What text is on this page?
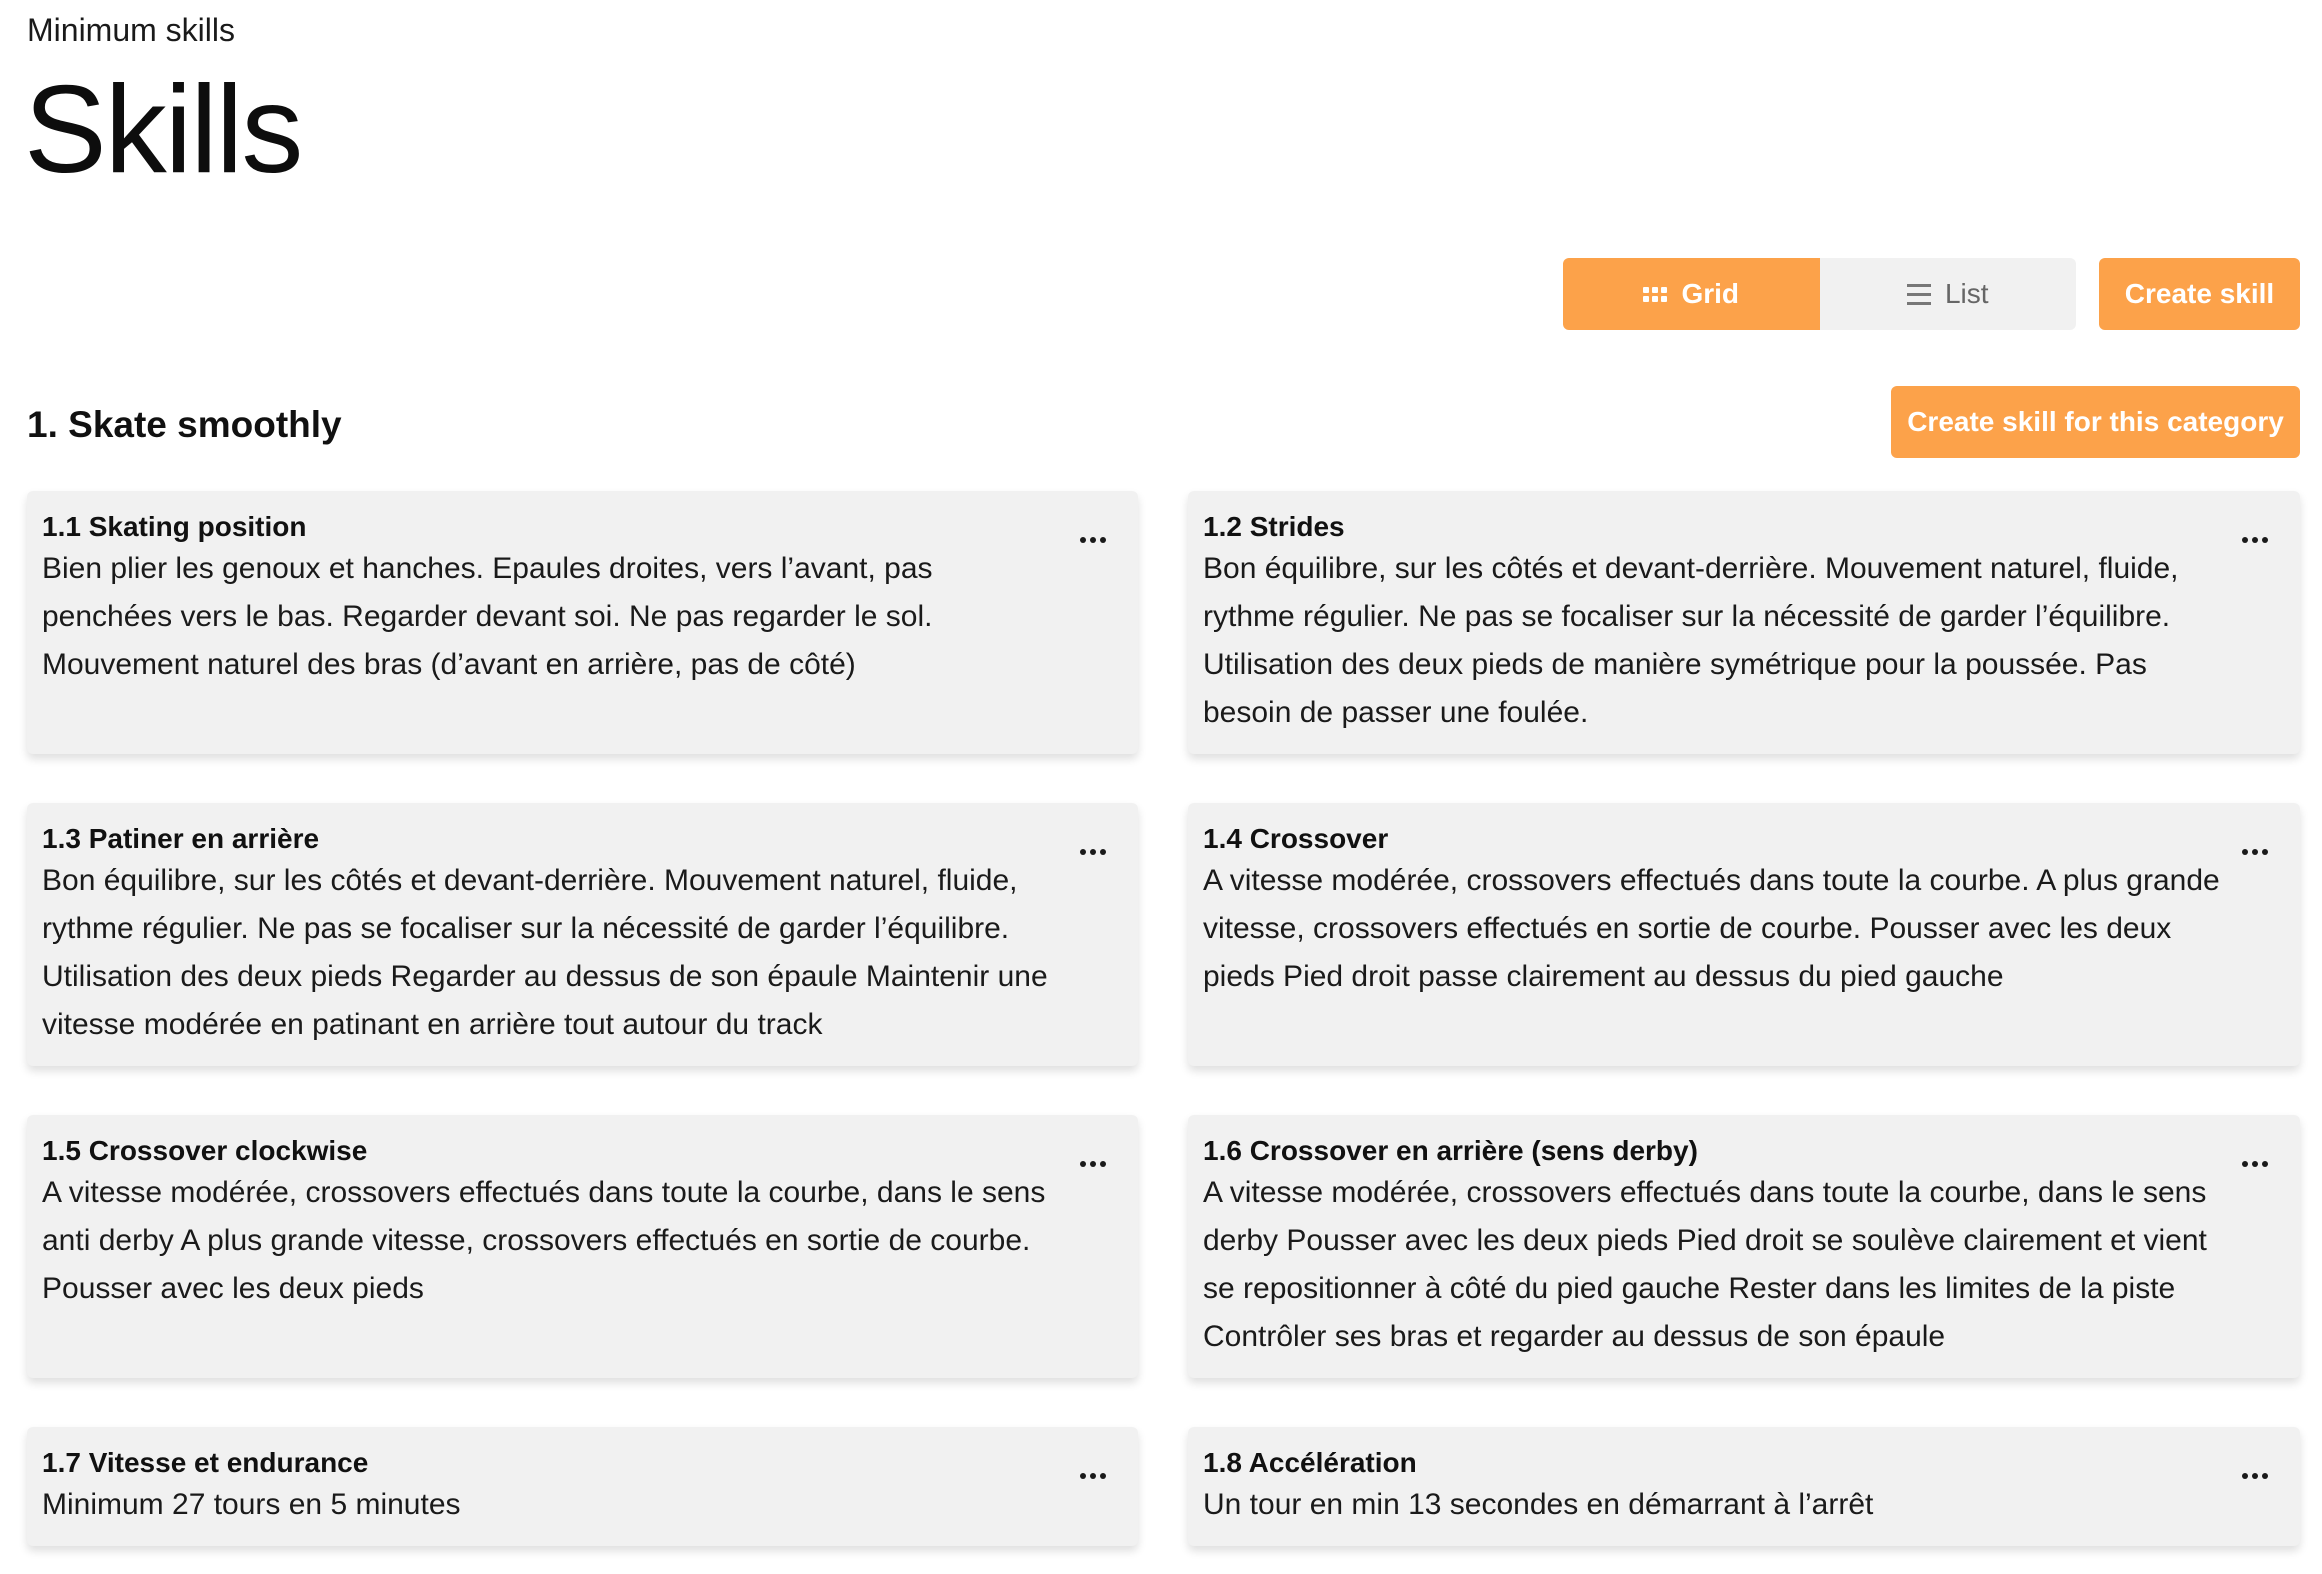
Minimum skills
Skills
Grid	List	Create skill
1. Skate smoothly	Create skill for this category
1.1 Skating position
Bien plier les genoux et hanches. Epaules droites, vers l’avant, pas penchées vers le bas. Regarder devant soi. Ne pas regarder le sol. Mouvement naturel des bras (d’avant en arrière, pas de côté)
1.2 Strides
Bon équilibre, sur les côtés et devant-derrière. Mouvement naturel, fluide, rythme régulier. Ne pas se focaliser sur la nécessité de garder l’équilibre. Utilisation des deux pieds de manière symétrique pour la poussée. Pas besoin de passer une foulée.
1.3 Patiner en arrière
Bon équilibre, sur les côtés et devant-derrière. Mouvement naturel, fluide, rythme régulier. Ne pas se focaliser sur la nécessité de garder l’équilibre. Utilisation des deux pieds Regarder au dessus de son épaule Maintenir une vitesse modérée en patinant en arrière tout autour du track
1.4 Crossover
A vitesse modérée, crossovers effectués dans toute la courbe. A plus grande vitesse, crossovers effectués en sortie de courbe. Pousser avec les deux pieds Pied droit passe clairement au dessus du pied gauche
1.5 Crossover clockwise
A vitesse modérée, crossovers effectués dans toute la courbe, dans le sens anti derby A plus grande vitesse, crossovers effectués en sortie de courbe. Pousser avec les deux pieds
1.6 Crossover en arrière (sens derby)
A vitesse modérée, crossovers effectués dans toute la courbe, dans le sens derby Pousser avec les deux pieds Pied droit se soulève clairement et vient se repositionner à côté du pied gauche Rester dans les limites de la piste Contrôler ses bras et regarder au dessus de son épaule
1.7 Vitesse et endurance
Minimum 27 tours en 5 minutes
1.8 Accélération
Un tour en min 13 secondes en démarrant à l’arrêt
